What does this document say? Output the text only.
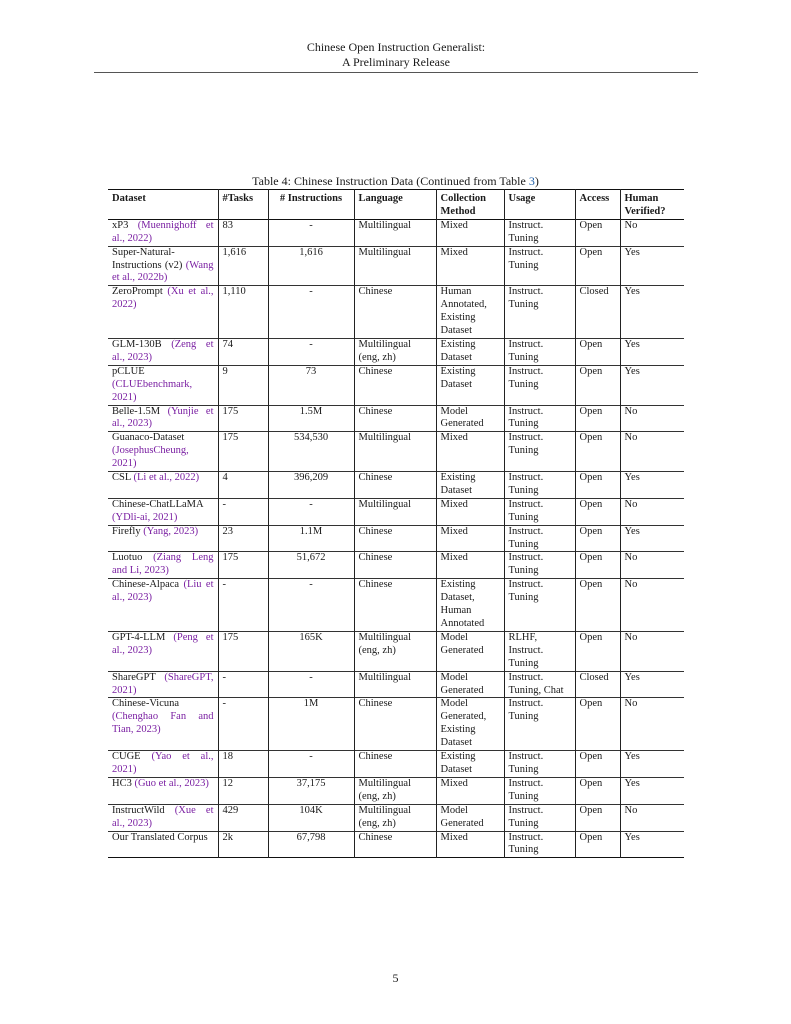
Chinese Open Instruction Generalist:
A Preliminary Release
Table 4: Chinese Instruction Data (Continued from Table 3)
Dataset	#Tasks	# Instructions	Language	Collection Method	Usage	Access	Human Verified?
xP3 (Muennighoff et al., 2022)	83	-	Multilingual	Mixed	Instruct. Tuning	Open	No
Super-Natural-Instructions (v2) (Wang et al., 2022b)	1,616	1,616	Multilingual	Mixed	Instruct. Tuning	Open	Yes
ZeroPrompt (Xu et al., 2022)	1,110	-	Chinese	Human Annotated, Existing Dataset	Instruct. Tuning	Closed	Yes
GLM-130B (Zeng et al., 2023)	74	-	Multilingual (eng, zh)	Existing Dataset	Instruct. Tuning	Open	Yes
pCLUE (CLUEbenchmark, 2021)	9	73	Chinese	Existing Dataset	Instruct. Tuning	Open	Yes
Belle-1.5M (Yunjie et al., 2023)	175	1.5M	Chinese	Model Generated	Instruct. Tuning	Open	No
Guanaco-Dataset (JosephusCheung, 2021)	175	534,530	Multilingual	Mixed	Instruct. Tuning	Open	No
CSL (Li et al., 2022)	4	396,209	Chinese	Existing Dataset	Instruct. Tuning	Open	Yes
Chinese-ChatLLaMA (YDli-ai, 2021)	-	-	Multilingual	Mixed	Instruct. Tuning	Open	No
Firefly (Yang, 2023)	23	1.1M	Chinese	Mixed	Instruct. Tuning	Open	Yes
Luotuo (Ziang Leng and Li, 2023)	175	51,672	Chinese	Mixed	Instruct. Tuning	Open	No
Chinese-Alpaca (Liu et al., 2023)	-	-	Chinese	Existing Dataset, Human Annotated	Instruct. Tuning	Open	No
GPT-4-LLM (Peng et al., 2023)	175	165K	Multilingual (eng, zh)	Model Generated	RLHF, Instruct. Tuning	Open	No
ShareGPT (ShareGPT, 2021)	-	-	Multilingual	Model Generated	Instruct. Tuning, Chat	Closed	Yes
Chinese-Vicuna (Chenghao Fan and Tian, 2023)	-	1M	Chinese	Model Generated, Existing Dataset	Instruct. Tuning	Open	No
CUGE (Yao et al., 2021)	18	-	Chinese	Existing Dataset	Instruct. Tuning	Open	Yes
HC3 (Guo et al., 2023)	12	37,175	Multilingual (eng, zh)	Mixed	Instruct. Tuning	Open	Yes
InstructWild (Xue et al., 2023)	429	104K	Multilingual (eng, zh)	Model Generated	Instruct. Tuning	Open	No
Our Translated Corpus	2k	67,798	Chinese	Mixed	Instruct. Tuning	Open	Yes
5
